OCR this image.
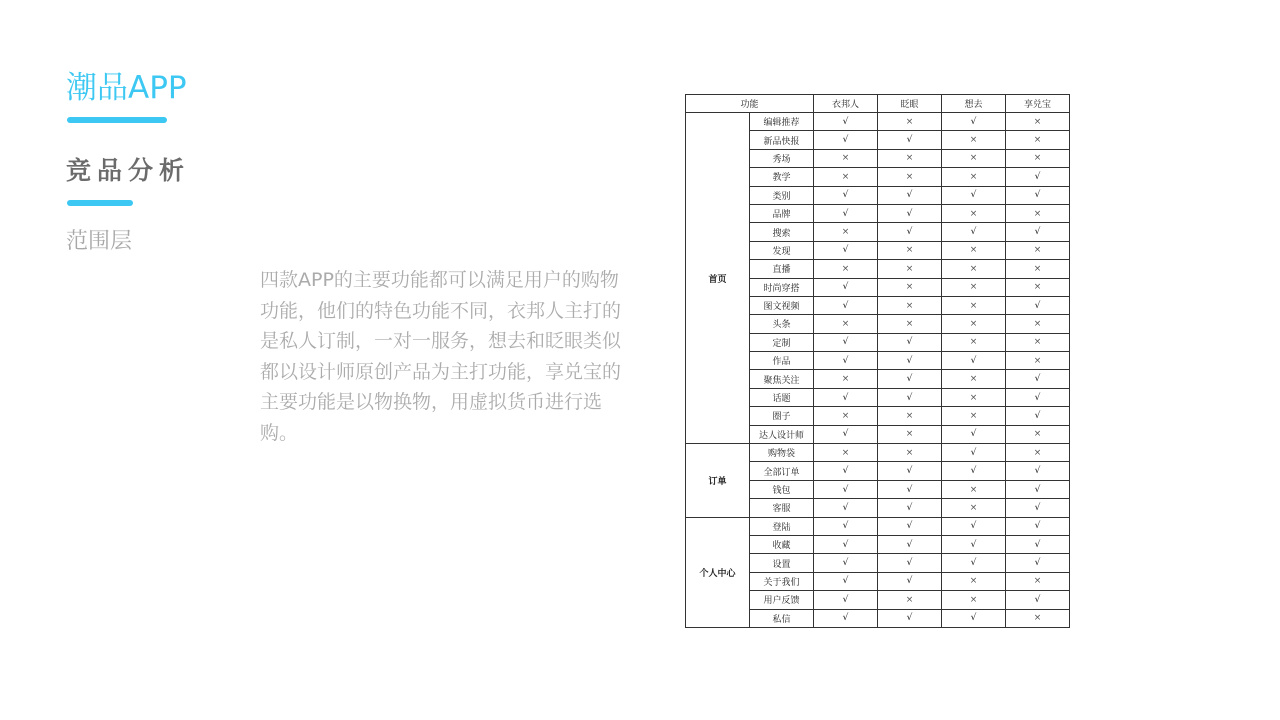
潮品APP
竞品分析
范围层
四款APP的主要功能都可以满足用户的购物功能，他们的特色功能不同，衣邦人主打的是私人订制，一对一服务，想去和眨眼类似都以设计师原创产品为主打功能，享兑宝的主要功能是以物换物，用虚拟货币进行选购。
功能		衣邦人	眨眼	想去	享兑宝
首页	编辑推荐	√	×	√	×
	新品快报	√	√	×	×
	秀场	×	×	×	×
	教学	×	×	×	√
	类别	√	√	√	√
	品牌	√	√	×	×
	搜索	×	√	√	√
	发现	√	×	×	×
	直播	×	×	×	×
	时尚穿搭	√	×	×	×
	图文视频	√	×	×	√
	头条	×	×	×	×
	定制	√	√	×	×
	作品	√	√	√	×
	聚焦关注	×	√	×	√
	话题	√	√	×	√
	圈子	×	×	×	√
	达人设计师	√	×	√	×
订单	购物袋	×	×	√	×
	全部订单	√	√	√	√
	钱包	√	√	×	√
	客服	√	√	×	√
个人中心	登陆	√	√	√	√
	收藏	√	√	√	√
	设置	√	√	√	√
	关于我们	√	√	×	×
	用户反馈	√	×	×	√
	私信	√	√	√	×
